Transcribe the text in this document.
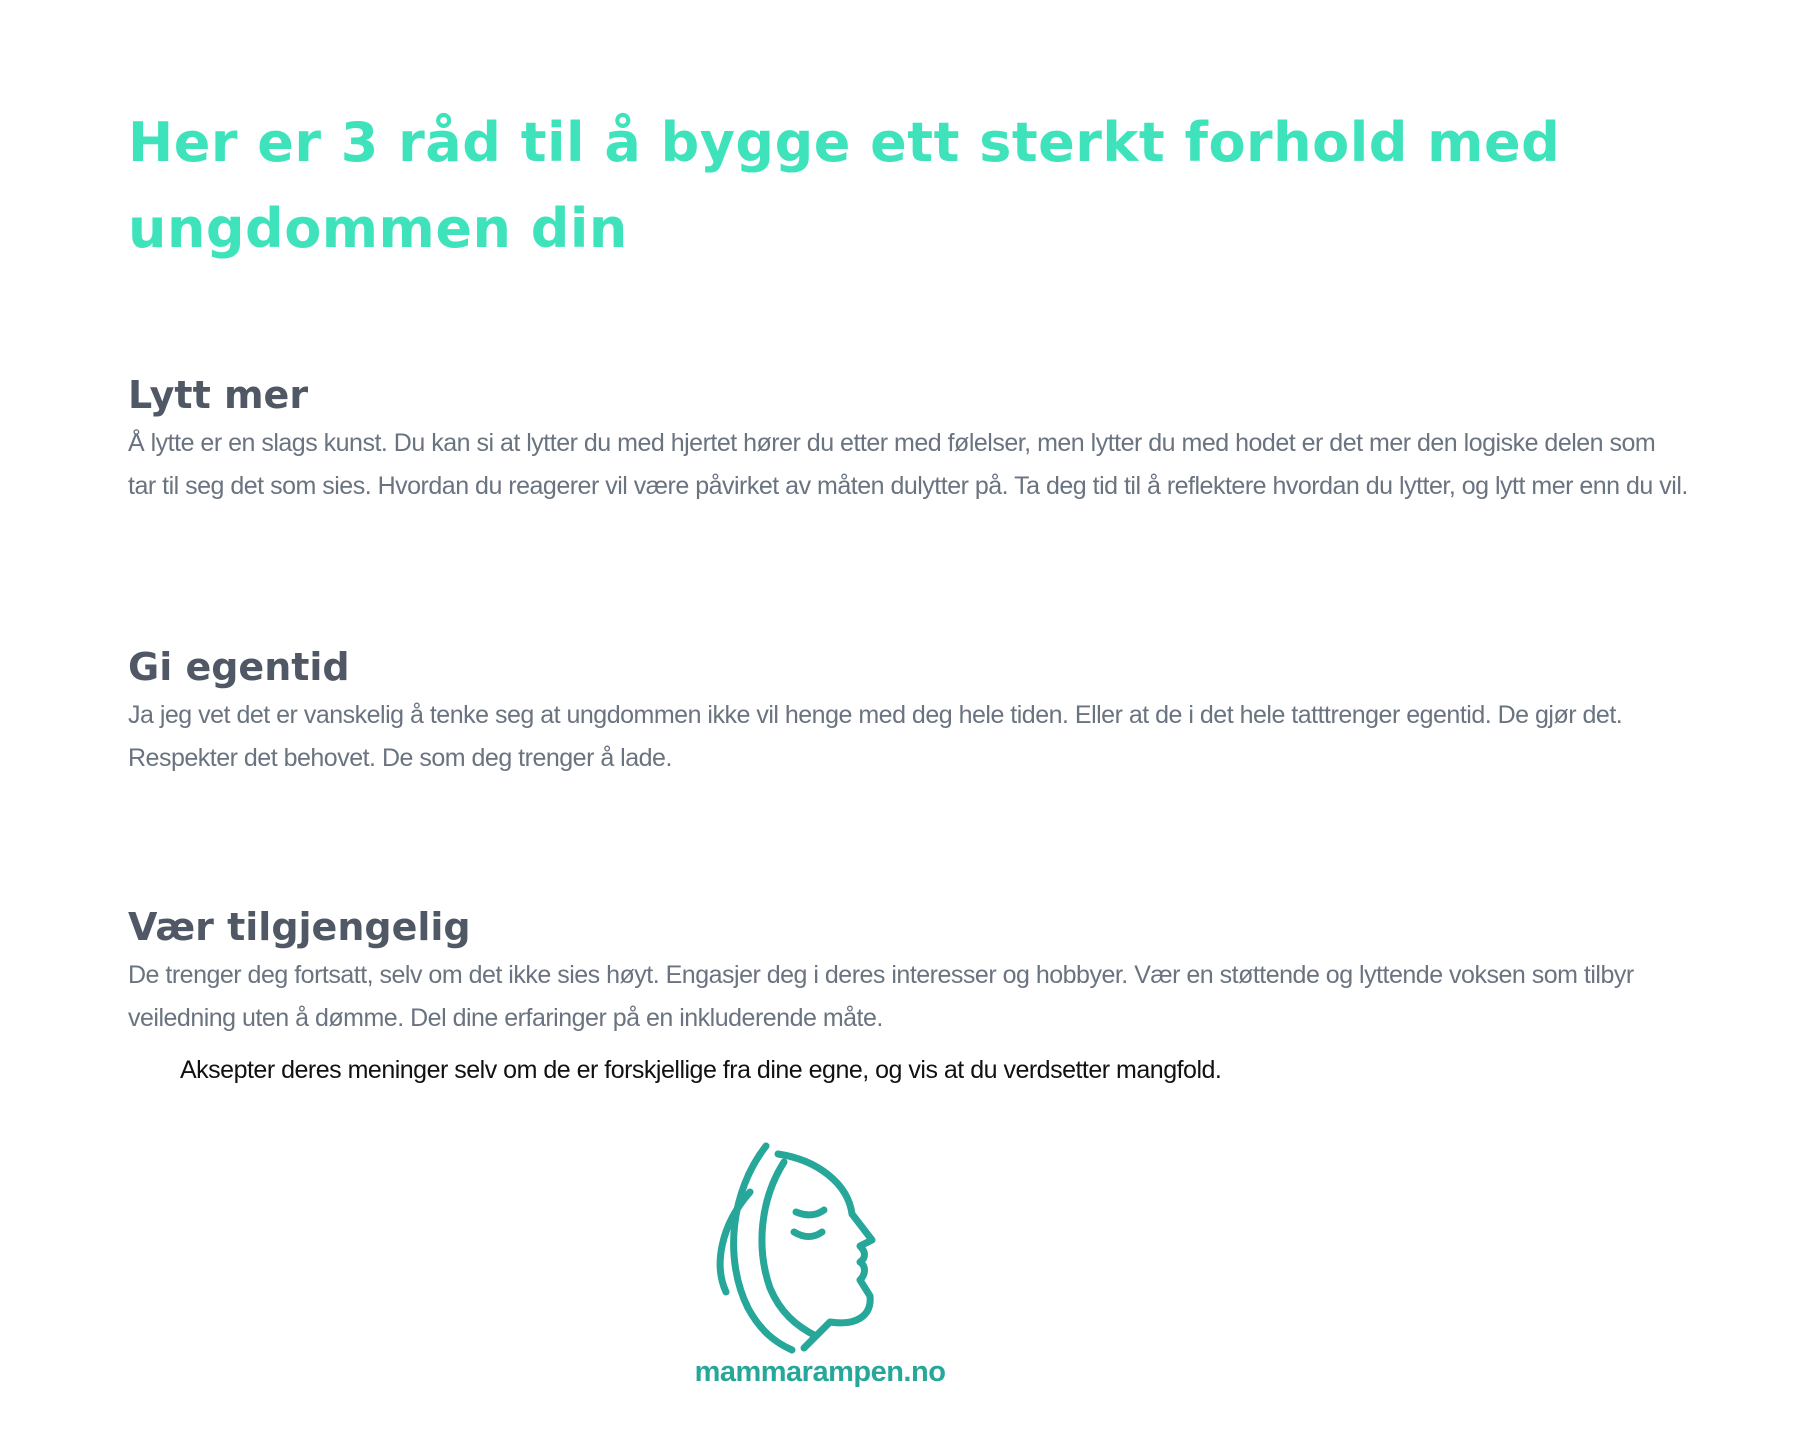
Her er 3 råd til å bygge ett sterkt forhold med ungdommen din
Lytt mer

Å lytte er en slags kunst. Du kan si at lytter du med hjertet hører du etter med følelser, men lytter du med hodet er det mer den logiske delen som tar til seg det som sies. Hvordan du reagerer vil være påvirket av måten dulytter på. Ta deg tid til å reflektere hvordan du lytter, og lytt mer enn du vil.

Gi egentid

Ja jeg vet det er vanskelig å tenke seg at ungdommen ikke vil henge med deg hele tiden. Eller at de i det hele tatttrenger egentid. De gjør det. Respekter det behovet. De som deg trenger å lade.

Vær tilgjengelig

De trenger deg fortsatt, selv om det ikke sies høyt. Engasjer deg i deres interesser og hobbyer. Vær en støttende og lyttende voksen som tilbyr veiledning uten å dømme. Del dine erfaringer på en inkluderende måte.

Aksepter deres meninger selv om de er forskjellige fra dine egne, og vis at du verdsetter mangfold.

mammarampen.no
